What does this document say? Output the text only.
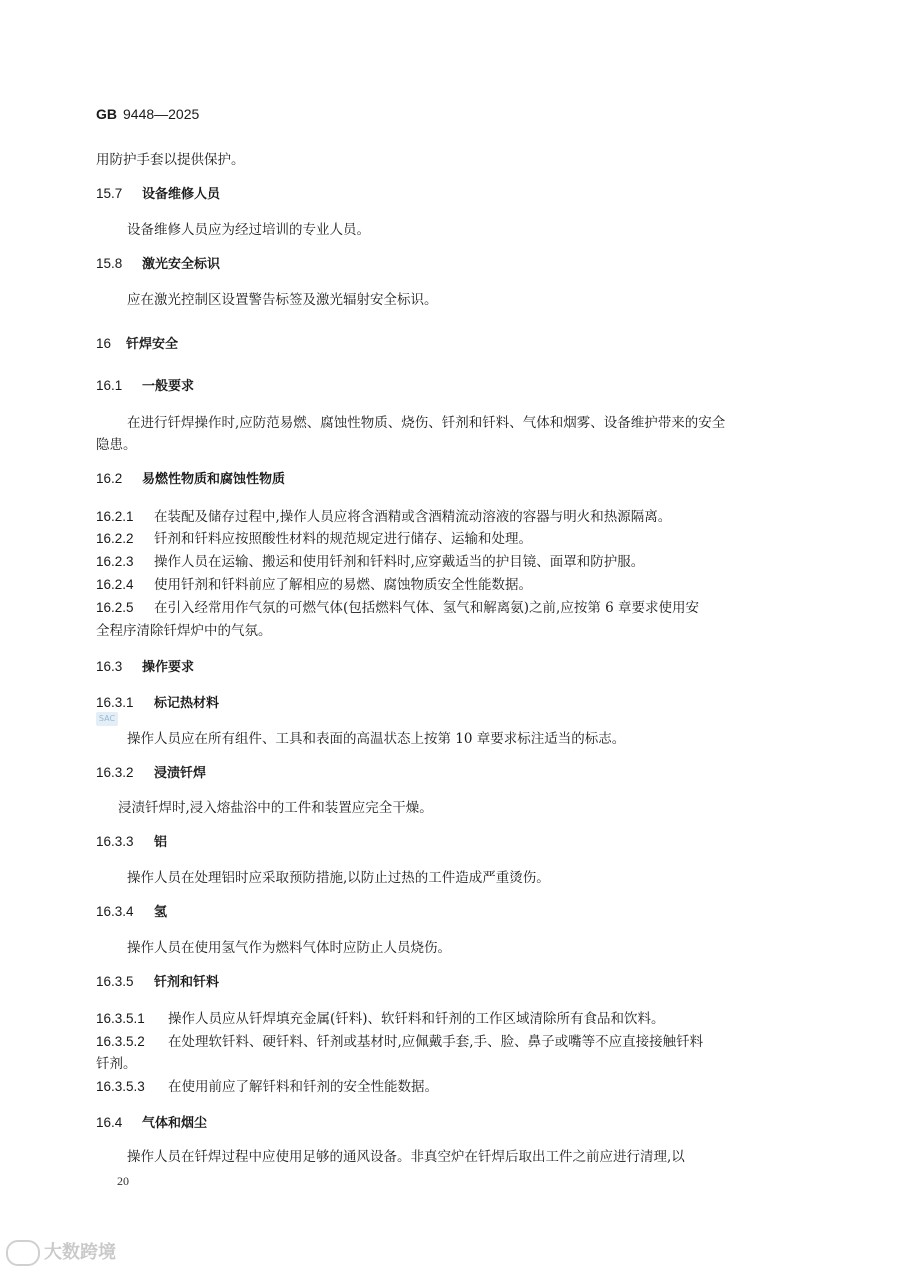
GB 9448—2025
用防护手套以提供保护。
15.7 设备维修人员
设备维修人员应为经过培训的专业人员。
15.8 激光安全标识
应在激光控制区设置警告标签及激光辐射安全标识。
16 钎焊安全
16.1 一般要求
在进行钎焊操作时,应防范易燃、腐蚀性物质、烧伤、钎剂和钎料、气体和烟雾、设备维护带来的安全
隐患。
16.2 易燃性物质和腐蚀性物质
16.2.1 在装配及储存过程中,操作人员应将含酒精或含酒精流动溶液的容器与明火和热源隔离。
16.2.2 钎剂和钎料应按照酸性材料的规范规定进行储存、运输和处理。
16.2.3 操作人员在运输、搬运和使用钎剂和钎料时,应穿戴适当的护目镜、面罩和防护服。
16.2.4 使用钎剂和钎料前应了解相应的易燃、腐蚀物质安全性能数据。
16.2.5 在引入经常用作气氛的可燃气体(包括燃料气体、氢气和解离氨)之前,应按第 6 章要求使用安
全程序清除钎焊炉中的气氛。
16.3 操作要求
16.3.1 标记热材料
SAC
操作人员应在所有组件、工具和表面的高温状态上按第 10 章要求标注适当的标志。
16.3.2 浸渍钎焊
浸渍钎焊时,浸入熔盐浴中的工件和装置应完全干燥。
16.3.3 铝
操作人员在处理铝时应采取预防措施,以防止过热的工件造成严重烫伤。
16.3.4 氢
操作人员在使用氢气作为燃料气体时应防止人员烧伤。
16.3.5 钎剂和钎料
16.3.5.1 操作人员应从钎焊填充金属(钎料)、软钎料和钎剂的工作区域清除所有食品和饮料。
16.3.5.2 在处理软钎料、硬钎料、钎剂或基材时,应佩戴手套,手、脸、鼻子或嘴等不应直接接触钎料
钎剂。
16.3.5.3 在使用前应了解钎料和钎剂的安全性能数据。
16.4 气体和烟尘
操作人员在钎焊过程中应使用足够的通风设备。非真空炉在钎焊后取出工件之前应进行清理,以
20
大数跨境
